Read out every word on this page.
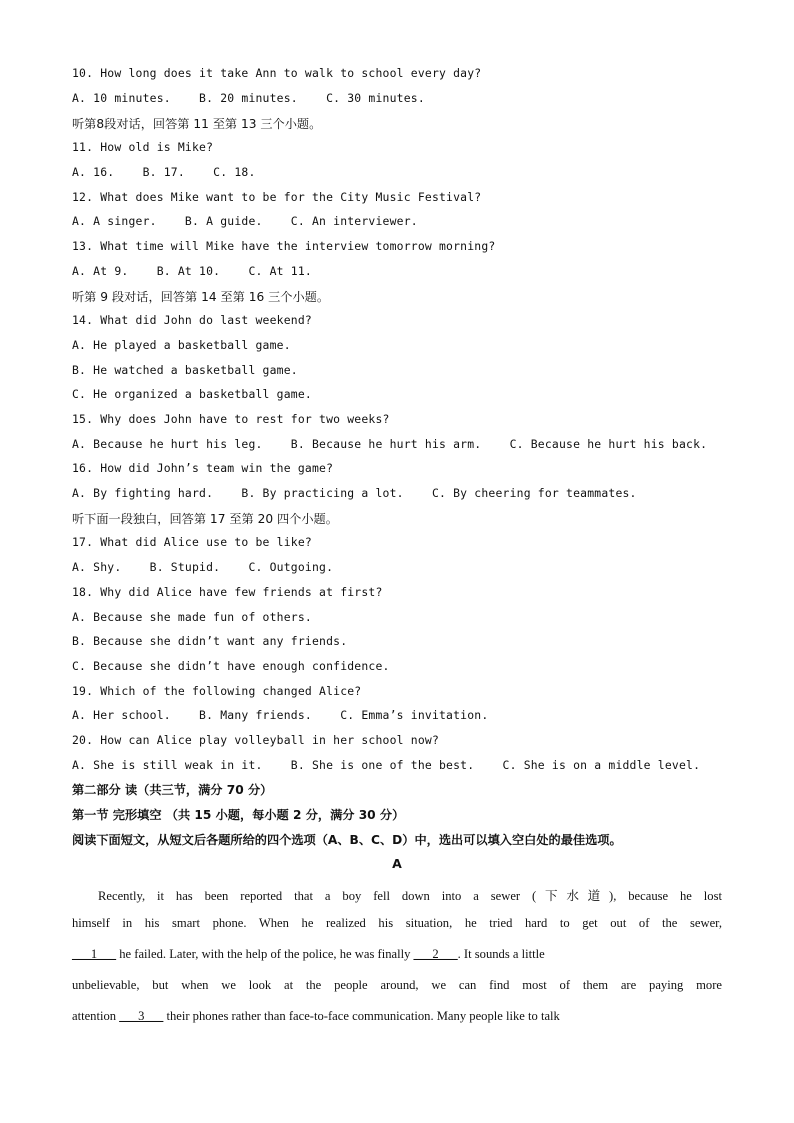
10. How long does it take Ann to walk to school every day?
A. 10 minutes.    B. 20 minutes.    C. 30 minutes.
听第8段对话，回答第 11 至第 13 三个小题。
11. How old is Mike?
A. 16.    B. 17.    C. 18.
12. What does Mike want to be for the City Music Festival?
A. A singer.    B. A guide.    C. An interviewer.
13. What time will Mike have the interview tomorrow morning?
A. At 9.    B. At 10.    C. At 11.
听第 9 段对话，回答第 14 至第 16 三个小题。
14. What did John do last weekend?
A. He played a basketball game.
B. He watched a basketball game.
C. He organized a basketball game.
15. Why does John have to rest for two weeks?
A. Because he hurt his leg.    B. Because he hurt his arm.    C. Because he hurt his back.
16. How did John’s team win the game?
A. By fighting hard.    B. By practicing a lot.    C. By cheering for teammates.
听下面一段独白，回答第 17 至第 20 四个小题。
17. What did Alice use to be like?
A. Shy.    B. Stupid.    C. Outgoing.
18. Why did Alice have few friends at first?
A. Because she made fun of others.
B. Because she didn’t want any friends.
C. Because she didn’t have enough confidence.
19. Which of the following changed Alice?
A. Her school.    B. Many friends.    C. Emma’s invitation.
20. How can Alice play volleyball in her school now?
A. She is still weak in it.    B. She is one of the best.    C. She is on a middle level.
第二部分 读（共三节，满分 70 分）
第一节 完形填空 （共 15 小题，每小题 2 分，满分 30 分）
阅读下面短文，从短文后各题所给的四个选项（A、B、C、D）中，选出可以填入空白处的最佳选项。
A
Recently, it has been reported that a boy fell down into a sewer (下水道), because he lost
himself in his smart phone. When he realized his situation, he tried hard to get out of the sewer,
___1___ he failed. Later, with the help of the police, he was finally ___2___. It sounds a little
unbelievable, but when we look at the people around, we can find most of them are paying more
attention ___3___ their phones rather than face-to-face communication. Many people like to talk
